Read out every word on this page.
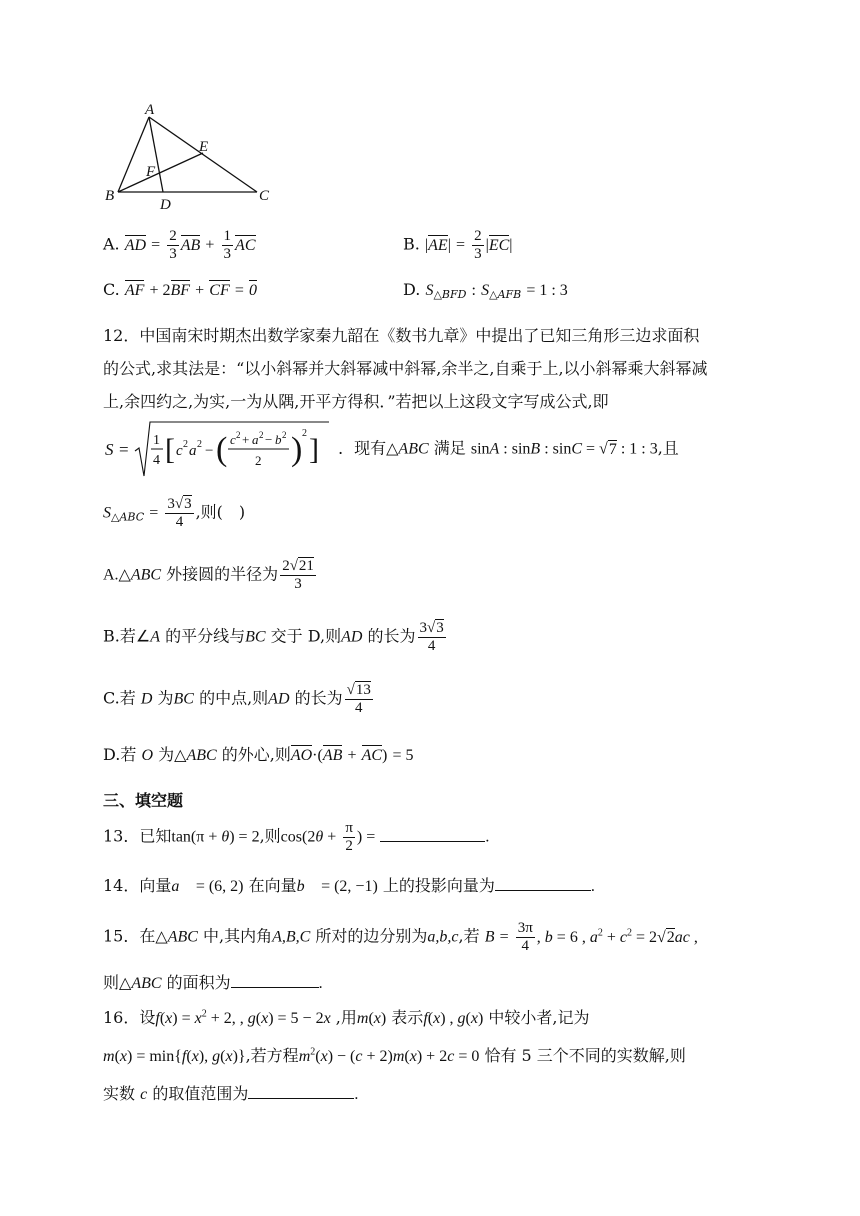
A
E
F
B
D
C
A. AD = $\frac{2}{3}$ AB + $\frac{1}{3}$ AC	B. $|AE| = \frac{2}{3} |EC|$
C. AF + 2BF + CF = 0	D. $S_{\triangle BFD}$ : $S_{\triangle AFB} = 1$ : 3
12．中国南宋时期杰出数学家秦九韶在《数书九章》中提出了已知三角形三边求面积
的公式,求其法是：“以小斜幂并大斜幂减中斜幂,余半之,自乘于上,以小斜幂乘大斜幂减
上,余四约之,为实,一为从隅,开平方得积．”若把以上这段文字写成公式,即
S = 1
4 [ c 2 a 2 − ( c 2 + a 2 − b 2
2 ) 2 ] ．现有△ABC 满足 sinA : sinB : sinC = √7 : 1 : 3,且
$S_{\triangle ABC} = \frac{3√3}{4}$ ,则(　)
A.△ABC 外接圆的半径为 $\frac{2√21}{3}$
B.若∠A 的平分线与BC 交于 D,则AD 的长为 $\frac{3√3}{4}$
C.若 D 为BC 的中点,则AD 的长为 $\frac{√13}{4}$
D.若 O 为△ABC 的外心,则AO·(AB + AC) = 5
三、填空题
13．已知tan(π + θ) = 2,则$\cos(2\theta + \frac{\pi}{2}$ ) =	.
14．向量a⃗ = (6, 2) 在向量b⃗ = (2, −1) 上的投影向量为	.
15．在△ABC 中,其内角A,B,C 所对的边分别为a,b,c,若 $B = \frac{3\pi}{4}$ , b = 6 , $a^2 + c^2 = 2√2ac$ ,
则△ABC 的面积为	.
16．设$f(x) = x^2 + 2$, , g(x) = 5 − 2x ,用m(x) 表示f(x) , g(x) 中较小者,记为
m(x) = min{f(x), g(x)},若方程$m^2(x) - (c + 2)m(x) + 2c = 0$ 恰有 5 三个不同的实数解,则
实数 c 的取值范围为	.
